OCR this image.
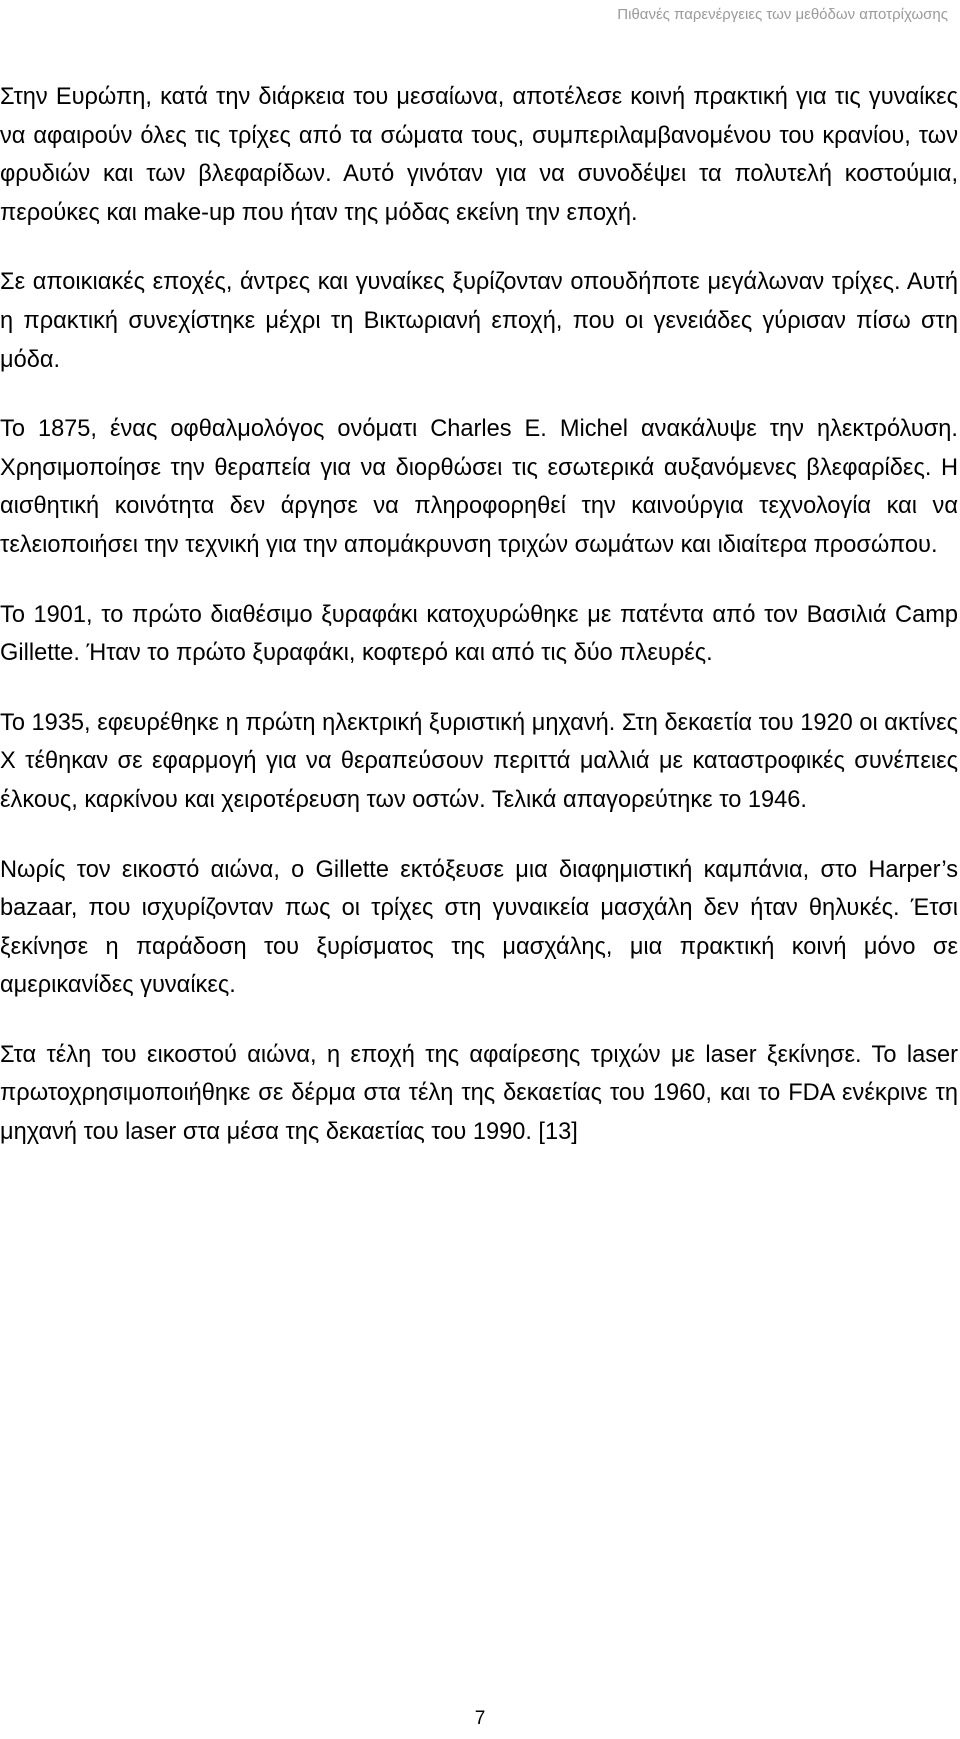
Πιθανές παρενέργειες των μεθόδων αποτρίχωσης

Στην Ευρώπη, κατά την διάρκεια του μεσαίωνα, αποτέλεσε κοινή πρακτική για τις γυναίκες να αφαιρούν όλες τις τρίχες από τα σώματα τους, συμπεριλαμβανομένου του κρανίου, των φρυδιών και των βλεφαρίδων. Αυτό γινόταν για να συνοδέψει τα πολυτελή κοστούμια, περούκες και make-up που ήταν της μόδας εκείνη την εποχή.

Σε αποικιακές εποχές, άντρες και γυναίκες ξυρίζονταν οπουδήποτε μεγάλωναν τρίχες. Αυτή η πρακτική συνεχίστηκε μέχρι τη Βικτωριανή εποχή, που οι γενειάδες γύρισαν πίσω στη μόδα.

Το 1875, ένας οφθαλμολόγος ονόματι Charles E. Michel ανακάλυψε την ηλεκτρόλυση. Χρησιμοποίησε την θεραπεία για να διορθώσει τις εσωτερικά αυξανόμενες βλεφαρίδες. Η αισθητική κοινότητα δεν άργησε να πληροφορηθεί την καινούργια τεχνολογία και να τελειοποιήσει την τεχνική για την απομάκρυνση τριχών σωμάτων και ιδιαίτερα προσώπου.

Το 1901, το πρώτο διαθέσιμο ξυραφάκι κατοχυρώθηκε με πατέντα από τον Βασιλιά Camp Gillette. Ήταν το πρώτο ξυραφάκι, κοφτερό και από τις δύο πλευρές.

Το 1935, εφευρέθηκε η πρώτη ηλεκτρική ξυριστική μηχανή. Στη δεκαετία του 1920 οι ακτίνες Χ τέθηκαν σε εφαρμογή για να θεραπεύσουν περιττά μαλλιά με καταστροφικές συνέπειες έλκους, καρκίνου και χειροτέρευση των οστών. Τελικά απαγορεύτηκε το 1946.

Νωρίς τον εικοστό αιώνα, ο Gillette εκτόξευσε μια διαφημιστική καμπάνια, στο Harper’s bazaar, που ισχυρίζονταν πως οι τρίχες στη γυναικεία μασχάλη δεν ήταν θηλυκές. Έτσι ξεκίνησε η παράδοση του ξυρίσματος της μασχάλης, μια πρακτική κοινή μόνο σε αμερικανίδες γυναίκες.

Στα τέλη του εικοστού αιώνα, η εποχή της αφαίρεσης τριχών με laser ξεκίνησε. Το laser πρωτοχρησιμοποιήθηκε σε δέρμα στα τέλη της δεκαετίας του 1960, και το FDA ενέκρινε τη μηχανή του laser στα μέσα της δεκαετίας του 1990. [13]

7
